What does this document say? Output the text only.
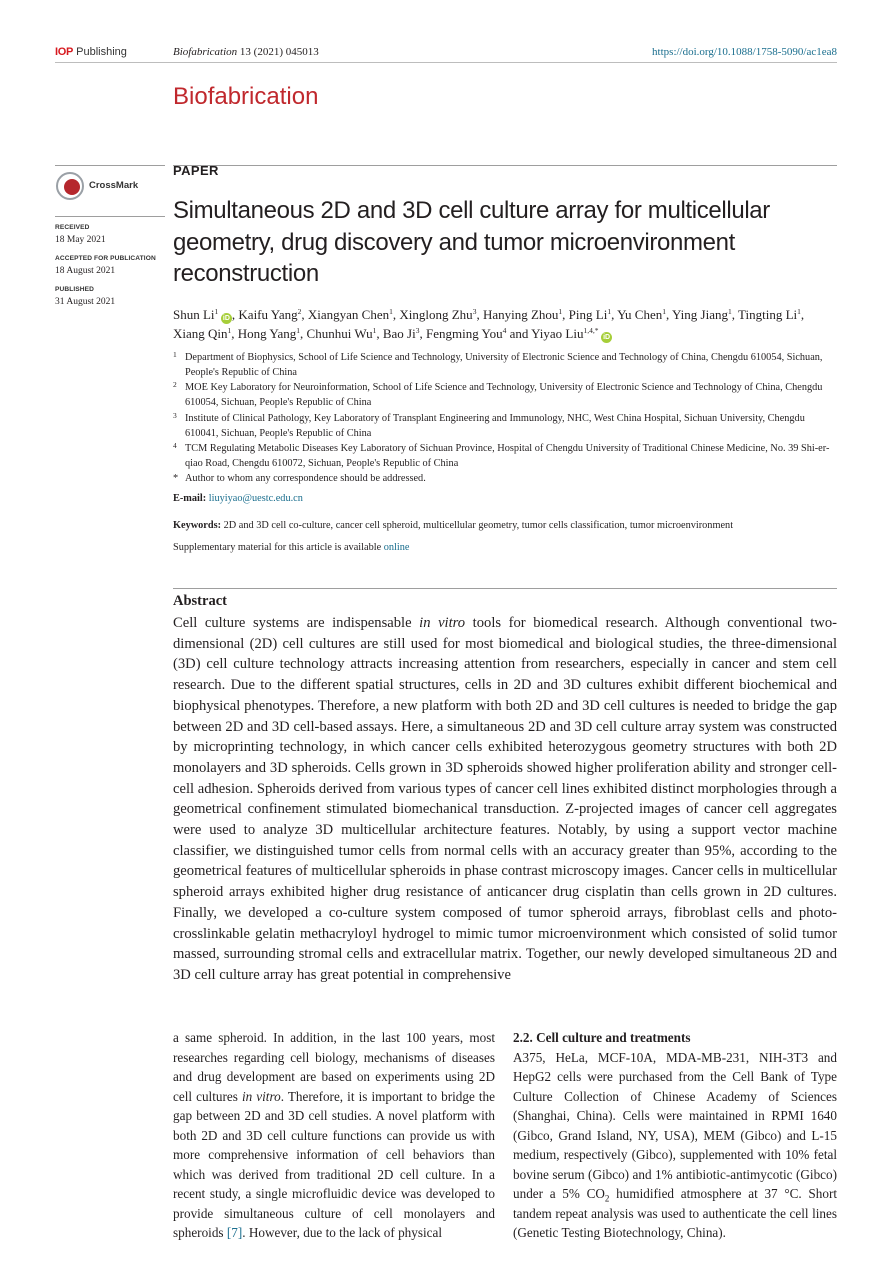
IOP Publishing	Biofabrication 13 (2021) 045013	https://doi.org/10.1088/1758-5090/ac1ea8
Biofabrication
CrossMark
RECEIVED
18 May 2021
ACCEPTED FOR PUBLICATION
18 August 2021
PUBLISHED
31 August 2021
PAPER
Simultaneous 2D and 3D cell culture array for multicellular geometry, drug discovery and tumor microenvironment reconstruction
Shun Li$^1$ iD , Kaifu Yang$^2$, Xiangyan Chen$^1$, Xinglong Zhu$^3$, Hanying Zhou$^1$, Ping Li$^1$, Yu Chen$^1$, Ying Jiang$^1$, Tingting Li$^1$, Xiang Qin$^1$, Hong Yang$^1$, Chunhui Wu$^1$, Bao Ji$^3$, Fengming You$^4$ and Yiyao Liu$^{1,4,*}$ iD
1 Department of Biophysics, School of Life Science and Technology, University of Electronic Science and Technology of China, Chengdu 610054, Sichuan, People's Republic of China
2 MOE Key Laboratory for Neuroinformation, School of Life Science and Technology, University of Electronic Science and Technology of China, Chengdu 610054, Sichuan, People's Republic of China
3 Institute of Clinical Pathology, Key Laboratory of Transplant Engineering and Immunology, NHC, West China Hospital, Sichuan University, Chengdu 610041, Sichuan, People's Republic of China
4 TCM Regulating Metabolic Diseases Key Laboratory of Sichuan Province, Hospital of Chengdu University of Traditional Chinese Medicine, No. 39 Shi-er-qiao Road, Chengdu 610072, Sichuan, People's Republic of China
* Author to whom any correspondence should be addressed.
E-mail: liuyiyao@uestc.edu.cn
Keywords: 2D and 3D cell co-culture, cancer cell spheroid, multicellular geometry, tumor cells classification, tumor microenvironment
Supplementary material for this article is available online
Abstract

Cell culture systems are indispensable in vitro tools for biomedical research. Although conventional two-dimensional (2D) cell cultures are still used for most biomedical and biological studies, the three-dimensional (3D) cell culture technology attracts increasing attention from researchers, especially in cancer and stem cell research. Due to the different spatial structures, cells in 2D and 3D cultures exhibit different biochemical and biophysical phenotypes. Therefore, a new platform with both 2D and 3D cell cultures is needed to bridge the gap between 2D and 3D cell-based assays. Here, a simultaneous 2D and 3D cell culture array system was constructed by microprinting technology, in which cancer cells exhibited heterozygous geometry structures with both 2D monolayers and 3D spheroids. Cells grown in 3D spheroids showed higher proliferation ability and stronger cell-cell adhesion. Spheroids derived from various types of cancer cell lines exhibited distinct morphologies through a geometrical confinement stimulated biomechanical transduction. Z-projected images of cancer cell aggregates were used to analyze 3D multicellular architecture features. Notably, by using a support vector machine classifier, we distinguished tumor cells from normal cells with an accuracy greater than 95%, according to the geometrical features of multicellular spheroids in phase contrast microscopy images. Cancer cells in multicellular spheroid arrays exhibited higher drug resistance of anticancer drug cisplatin than cells grown in 2D cultures. Finally, we developed a co-culture system composed of tumor spheroid arrays, fibroblast cells and photo-crosslinkable gelatin methacryloyl hydrogel to mimic tumor microenvironment which consisted of solid tumor massed, surrounding stromal cells and extracellular matrix. Together, our newly developed simultaneous 2D and 3D cell culture array has great potential in comprehensive

a same spheroid. In addition, in the last 100 years, most researches regarding cell biology, mechanisms of diseases and drug development are based on experiments using 2D cell cultures in vitro. Therefore, it is important to bridge the gap between 2D and 3D cell studies. A novel platform with both 2D and 3D cell culture functions can provide us with more comprehensive information of cell behaviors than which was derived from traditional 2D cell culture. In a recent study, a single microfluidic device was developed to provide simultaneous culture of cell monolayers and spheroids [7]. However, due to the lack of physical

2.2. Cell culture and treatments

A375, HeLa, MCF-10A, MDA-MB-231, NIH-3T3 and HepG2 cells were purchased from the Cell Bank of Type Culture Collection of Chinese Academy of Sciences (Shanghai, China). Cells were maintained in RPMI 1640 (Gibco, Grand Island, NY, USA), MEM (Gibco) and L-15 medium, respectively (Gibco), supplemented with 10% fetal bovine serum (Gibco) and 1% antibiotic-antimycotic (Gibco) under a 5% $CO_2$ humidified atmosphere at 37 °C. Short tandem repeat analysis was used to authenticate the cell lines (Genetic Testing Biotechnology, China).
